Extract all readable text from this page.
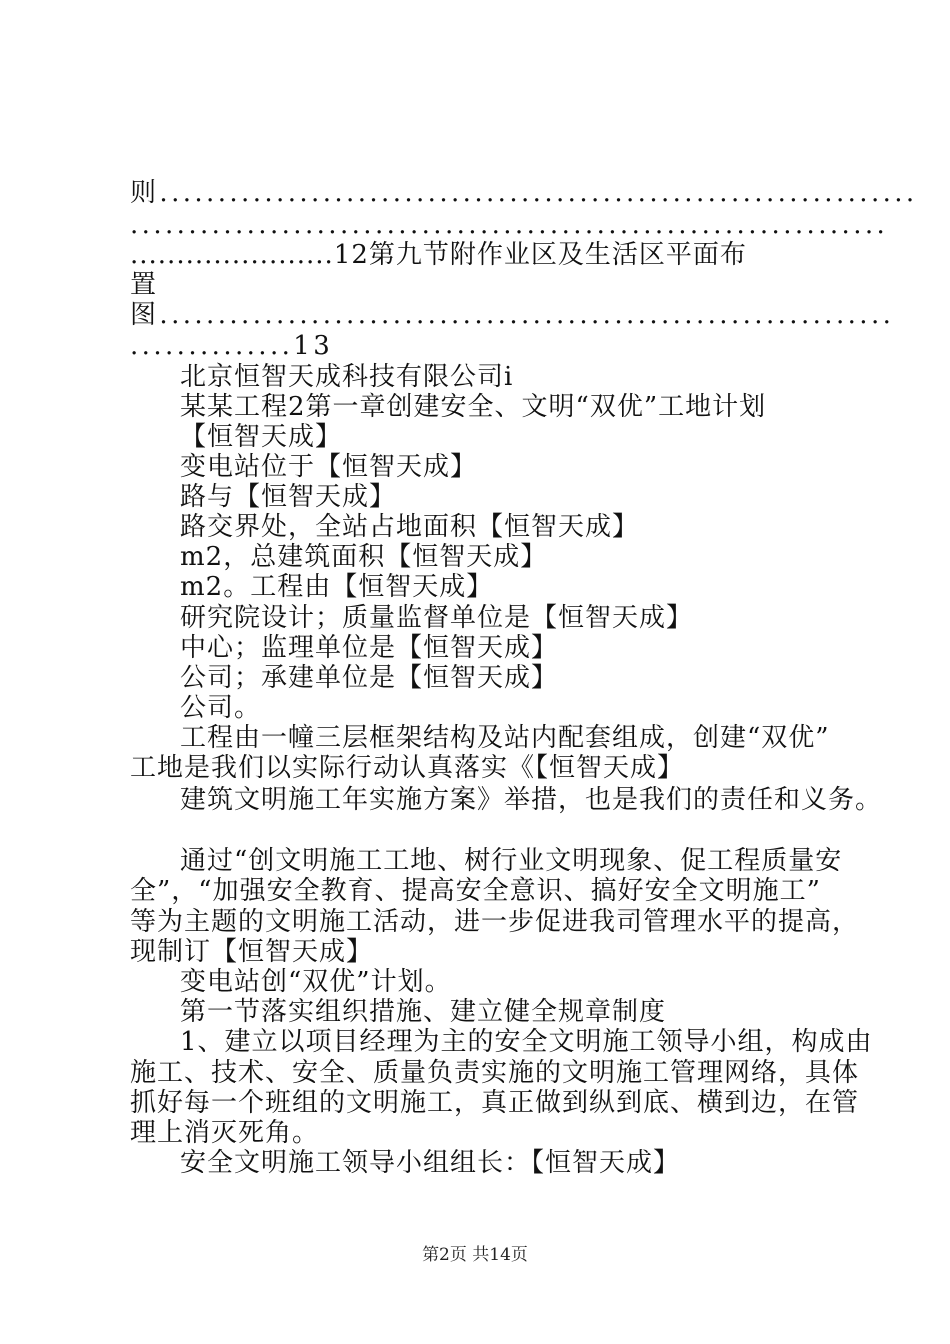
则.................................................................
.................................................................
......................12第九节附作业区及生活区平面布
置
图...............................................................
..............13
北京恒智天成科技有限公司i
某某工程2第一章创建安全、文明“双优”工地计划
【恒智天成】
变电站位于【恒智天成】
路与【恒智天成】
路交界处，全站占地面积【恒智天成】
m2，总建筑面积【恒智天成】
m2。工程由【恒智天成】
研究院设计；质量监督单位是【恒智天成】
中心；监理单位是【恒智天成】
公司；承建单位是【恒智天成】
公司。
工程由一幢三层框架结构及站内配套组成，创建“双优”
工地是我们以实际行动认真落实《【恒智天成】
建筑文明施工年实施方案》举措，也是我们的责任和义务。
通过“创文明施工工地、树行业文明现象、促工程质量安
全”，“加强安全教育、提高安全意识、搞好安全文明施工”
等为主题的文明施工活动，进一步促进我司管理水平的提高，
现制订【恒智天成】
变电站创“双优”计划。
第一节落实组织措施、建立健全规章制度
1、建立以项目经理为主的安全文明施工领导小组，构成由
施工、技术、安全、质量负责实施的文明施工管理网络，具体
抓好每一个班组的文明施工，真正做到纵到底、横到边，在管
理上消灭死角。
安全文明施工领导小组组长：【恒智天成】
第2页 共14页
